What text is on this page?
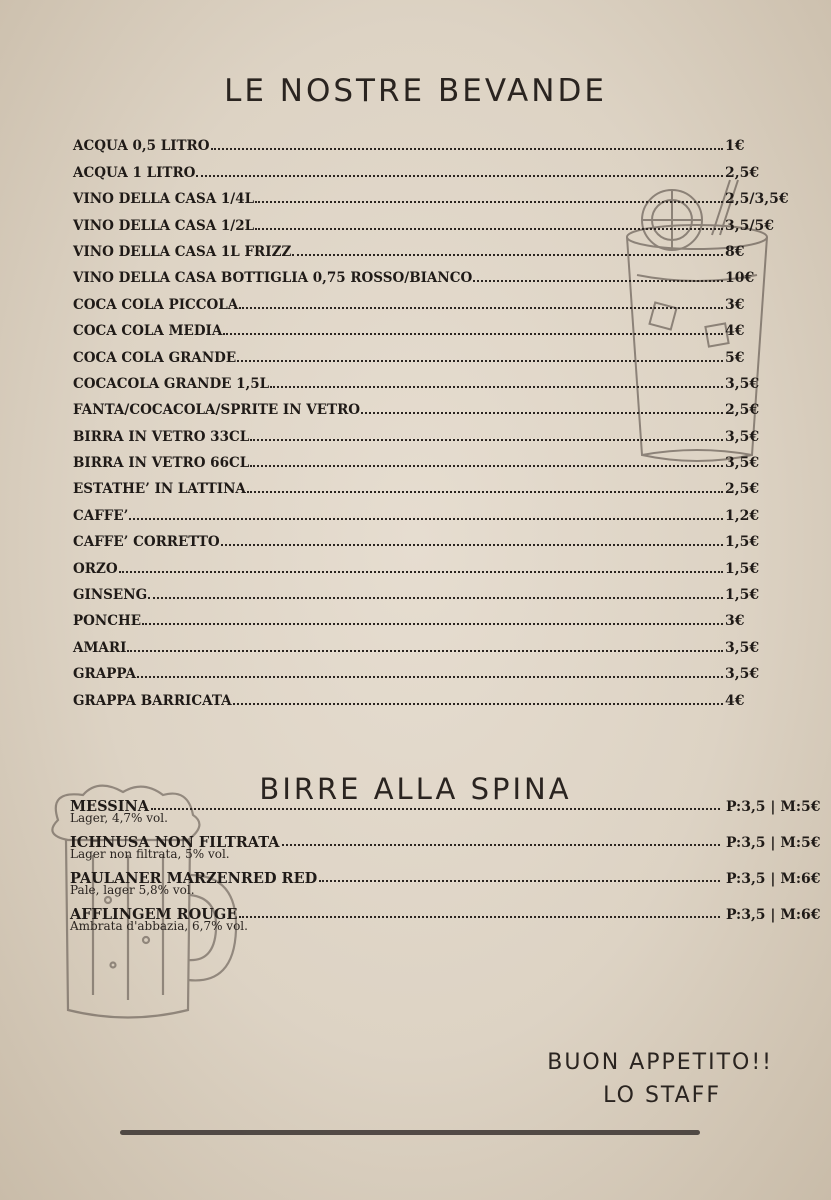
LE NOSTRE BEVANDE
ACQUA 0,5 LITRO	1€
ACQUA 1 LITRO	2,5€
VINO DELLA CASA 1/4L	2,5/3,5€
VINO DELLA CASA 1/2L	3,5/5€
VINO DELLA CASA 1L FRIZZ	8€
VINO DELLA CASA BOTTIGLIA 0,75 ROSSO/BIANCO	10€
COCA COLA PICCOLA	3€
COCA COLA MEDIA	4€
COCA COLA GRANDE	5€
COCACOLA GRANDE 1,5L	3,5€
FANTA/COCACOLA/SPRITE IN VETRO	2,5€
BIRRA IN VETRO 33CL	3,5€
BIRRA IN VETRO 66CL	3,5€
ESTATHE’ IN LATTINA	2,5€
CAFFE’	1,2€
CAFFE’ CORRETTO	1,5€
ORZO	1,5€
GINSENG	1,5€
PONCHE	3€
AMARI	3,5€
GRAPPA	3,5€
GRAPPA BARRICATA	4€
BIRRE ALLA SPINA
MESSINA	P:3,5 | M:5€
Lager, 4,7% vol.
ICHNUSA NON FILTRATA	P:3,5 | M:5€
Lager non filtrata, 5% vol.
PAULANER MARZENRED RED	P:3,5 | M:6€
Pale, lager 5,8% vol.
AFFLINGEM ROUGE	P:3,5 | M:6€
Ambrata d'abbazia, 6,7% vol.
BUON APPETITO!!
LO STAFF
